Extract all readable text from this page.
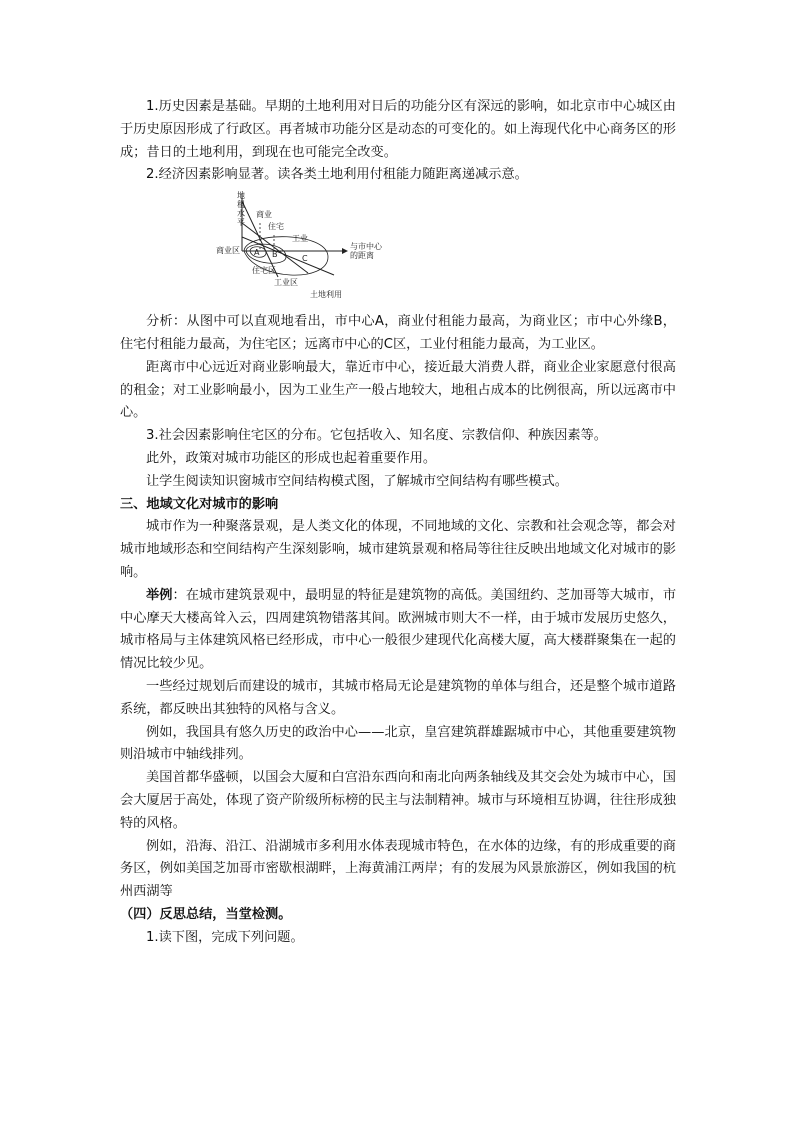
1.历史因素是基础。早期的土地利用对日后的功能分区有深远的影响，如北京市中心城区由于历史原因形成了行政区。再者城市功能分区是动态的可变化的。如上海现代化中心商务区的形成；昔日的土地利用，到现在也可能完全改变。

2.经济因素影响显著。读各类土地利用付租能力随距离递减示意。

商业
住宅
工业
与市中心
的距离
A B	C
商业区
住宅区
工业区
土地利用
地租水平

分析：从图中可以直观地看出，市中心A，商业付租能力最高，为商业区；市中心外缘B，住宅付租能力最高，为住宅区；远离市中心的C区，工业付租能力最高，为工业区。

距离市中心远近对商业影响最大，靠近市中心，接近最大消费人群，商业企业家愿意付很高的租金；对工业影响最小，因为工业生产一般占地较大，地租占成本的比例很高，所以远离市中心。

3.社会因素影响住宅区的分布。它包括收入、知名度、宗教信仰、种族因素等。

此外，政策对城市功能区的形成也起着重要作用。

让学生阅读知识窗城市空间结构模式图，了解城市空间结构有哪些模式。

三、地域文化对城市的影响

城市作为一种聚落景观，是人类文化的体现，不同地域的文化、宗教和社会观念等，都会对城市地域形态和空间结构产生深刻影响，城市建筑景观和格局等往往反映出地域文化对城市的影响。

举例：在城市建筑景观中，最明显的特征是建筑物的高低。美国纽约、芝加哥等大城市，市中心摩天大楼高耸入云，四周建筑物错落其间。欧洲城市则大不一样，由于城市发展历史悠久，城市格局与主体建筑风格已经形成，市中心一般很少建现代化高楼大厦，高大楼群聚集在一起的情况比较少见。

一些经过规划后而建设的城市，其城市格局无论是建筑物的单体与组合，还是整个城市道路系统，都反映出其独特的风格与含义。

例如，我国具有悠久历史的政治中心——北京，皇宫建筑群雄踞城市中心，其他重要建筑物则沿城市中轴线排列。

美国首都华盛顿，以国会大厦和白宫沿东西向和南北向两条轴线及其交会处为城市中心，国会大厦居于高处，体现了资产阶级所标榜的民主与法制精神。城市与环境相互协调，往往形成独特的风格。

例如，沿海、沿江、沿湖城市多利用水体表现城市特色，在水体的边缘，有的形成重要的商务区，例如美国芝加哥市密歇根湖畔，上海黄浦江两岸；有的发展为风景旅游区，例如我国的杭州西湖等

（四）反思总结，当堂检测。

1.读下图，完成下列问题。
